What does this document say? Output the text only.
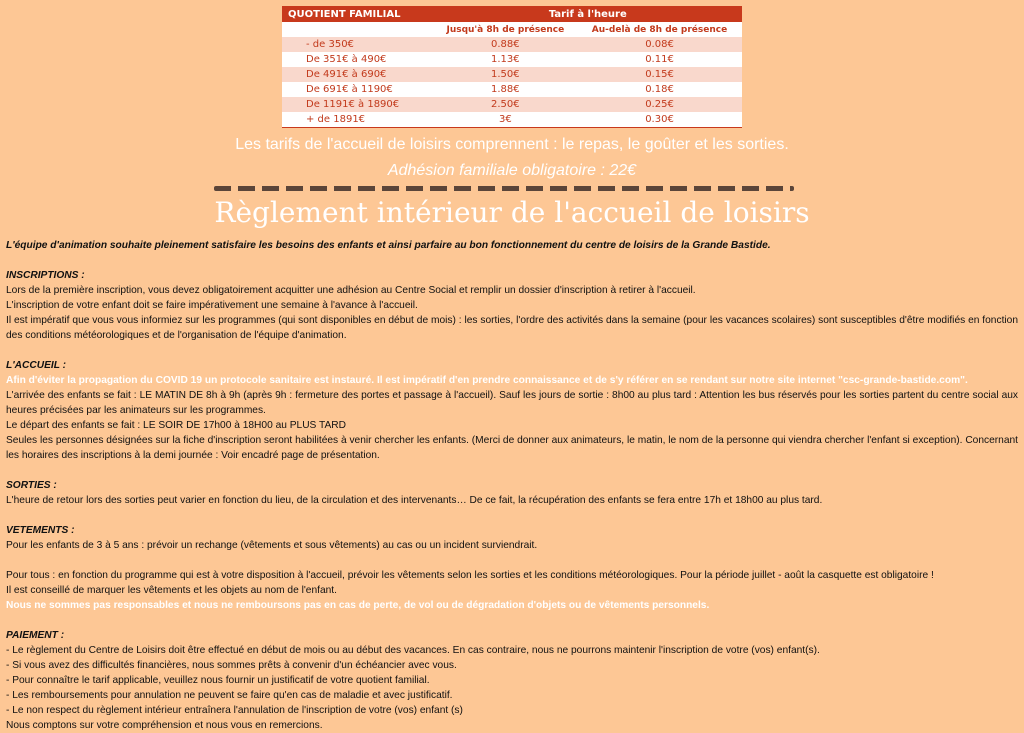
QUOTIENT FAMILIAL	Tarif à l'heure	
	Jusqu'à 8h de présence	Au-delà de 8h de présence
- de 350€	0.88€	0.08€
De 351€ à 490€	1.13€	0.11€
De 491€ à 690€	1.50€	0.15€
De 691€ à 1190€	1.88€	0.18€
De 1191€ à 1890€	2.50€	0.25€
+ de 1891€	3€	0.30€
Les tarifs de l'accueil de loisirs comprennent : le repas, le goûter et les sorties.
Adhésion familiale obligatoire : 22€
Règlement intérieur de l'accueil de loisirs

L'équipe d'animation souhaite pleinement satisfaire les besoins des enfants et ainsi parfaire au bon fonctionnement du centre de loisirs de la Grande Bastide.

INSCRIPTIONS :

Lors de la première inscription, vous devez obligatoirement acquitter une adhésion au Centre Social et remplir un dossier d'inscription à retirer à l'accueil.

L'inscription de votre enfant doit se faire impérativement une semaine à l'avance à l'accueil.

Il est impératif que vous vous informiez sur les programmes (qui sont disponibles en début de mois) : les sorties, l'ordre des activités dans la semaine (pour les vacances scolaires) sont susceptibles d'être modifiés en fonction des conditions météorologiques et de l'organisation de l'équipe d'animation.

L'ACCUEIL :

Afin d'éviter la propagation du COVID 19 un protocole sanitaire est instauré. Il est impératif d'en prendre connaissance et de s'y référer en se rendant sur notre site internet "csc-grande-bastide.com".

L'arrivée des enfants se fait : LE MATIN DE 8h à 9h (après 9h : fermeture des portes et passage à l'accueil). Sauf les jours de sortie : 8h00 au plus tard : Attention les bus réservés pour les sorties partent du centre social aux heures précisées par les animateurs sur les programmes.

Le départ des enfants se fait : LE SOIR DE 17h00 à 18H00 au PLUS TARD

Seules les personnes désignées sur la fiche d'inscription seront habilitées à venir chercher les enfants. (Merci de donner aux animateurs, le matin, le nom de la personne qui viendra chercher l'enfant si exception). Concernant les horaires des inscriptions à la demi journée : Voir encadré page de présentation.

SORTIES :

L'heure de retour lors des sorties peut varier en fonction du lieu, de la circulation et des intervenants… De ce fait, la récupération des enfants se fera entre 17h et 18h00 au plus tard.

VETEMENTS :

Pour les enfants de 3 à 5 ans : prévoir un rechange (vêtements et sous vêtements) au cas ou un incident surviendrait.

Pour tous : en fonction du programme qui est à votre disposition à l'accueil, prévoir les vêtements selon les sorties et les conditions météorologiques. Pour la période juillet - août la casquette est obligatoire !

Il est conseillé de marquer les vêtements et les objets au nom de l'enfant.

Nous ne sommes pas responsables et nous ne remboursons pas en cas de perte, de vol ou de dégradation d'objets ou de vêtements personnels.

PAIEMENT :

- Le règlement du Centre de Loisirs doit être effectué en début de mois ou au début des vacances. En cas contraire, nous ne pourrons maintenir l'inscription de votre (vos) enfant(s).

- Si vous avez des difficultés financières, nous sommes prêts à convenir d'un échéancier avec vous.

- Pour connaître le tarif applicable, veuillez nous fournir un justificatif de votre quotient familial.

- Les remboursements pour annulation ne peuvent se faire qu'en cas de maladie et avec justificatif.

- Le non respect du règlement intérieur entraînera l'annulation de l'inscription de votre (vos) enfant (s)

Nous comptons sur votre compréhension et nous vous en remercions.
